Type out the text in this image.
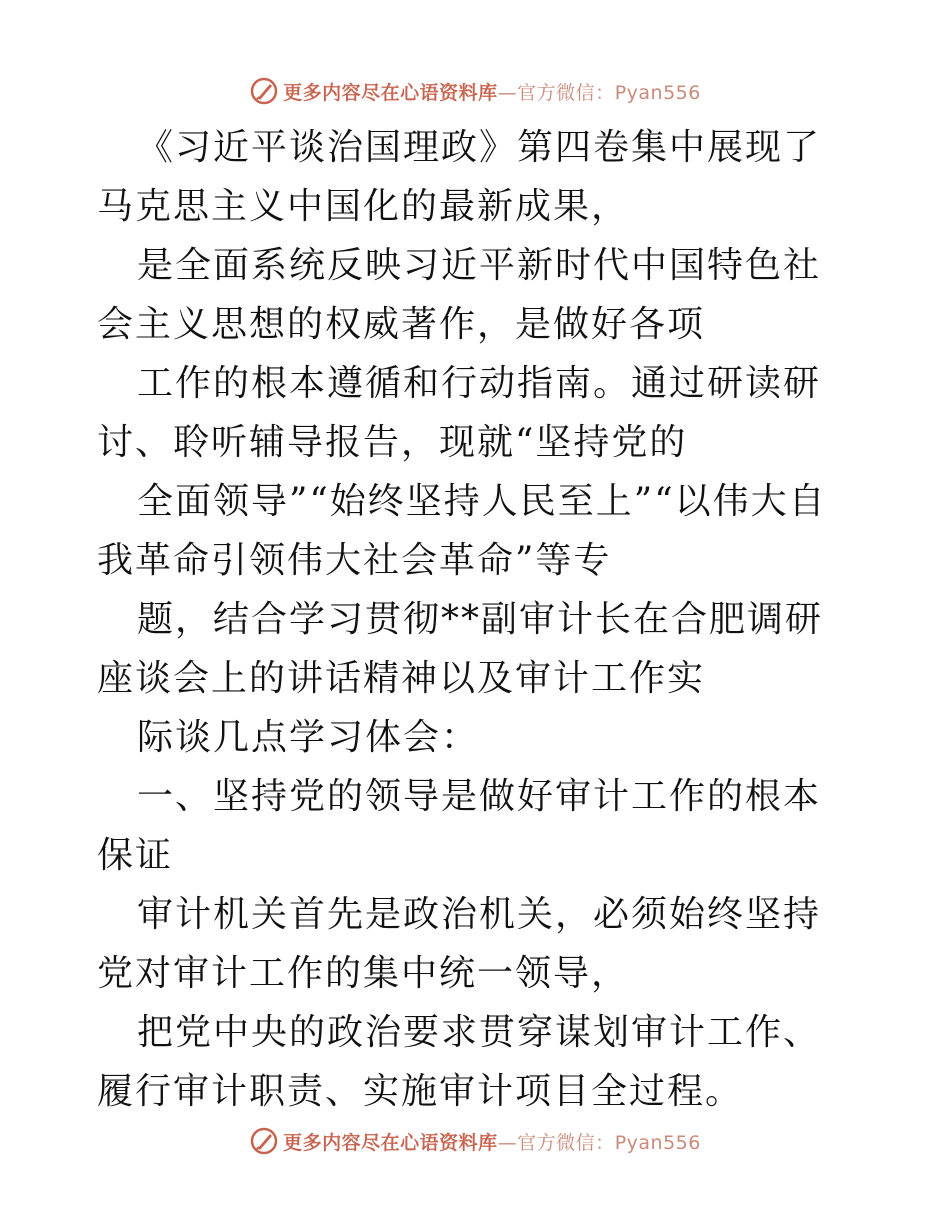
更多内容尽在心语资料库—官方微信：Pyan556

《习近平谈治国理政》第四卷集中展现了马克思主义中国化的最新成果，

是全面系统反映习近平新时代中国特色社会主义思想的权威著作，是做好各项

工作的根本遵循和行动指南。通过研读研讨、聆听辅导报告，现就“坚持党的

全面领导”“始终坚持人民至上”“以伟大自我革命引领伟大社会革命”等专

题，结合学习贯彻**副审计长在合肥调研座谈会上的讲话精神以及审计工作实

际谈几点学习体会：

一、坚持党的领导是做好审计工作的根本保证

审计机关首先是政治机关，必须始终坚持党对审计工作的集中统一领导，

把党中央的政治要求贯穿谋划审计工作、履行审计职责、实施审计项目全过程。

更多内容尽在心语资料库—官方微信：Pyan556
